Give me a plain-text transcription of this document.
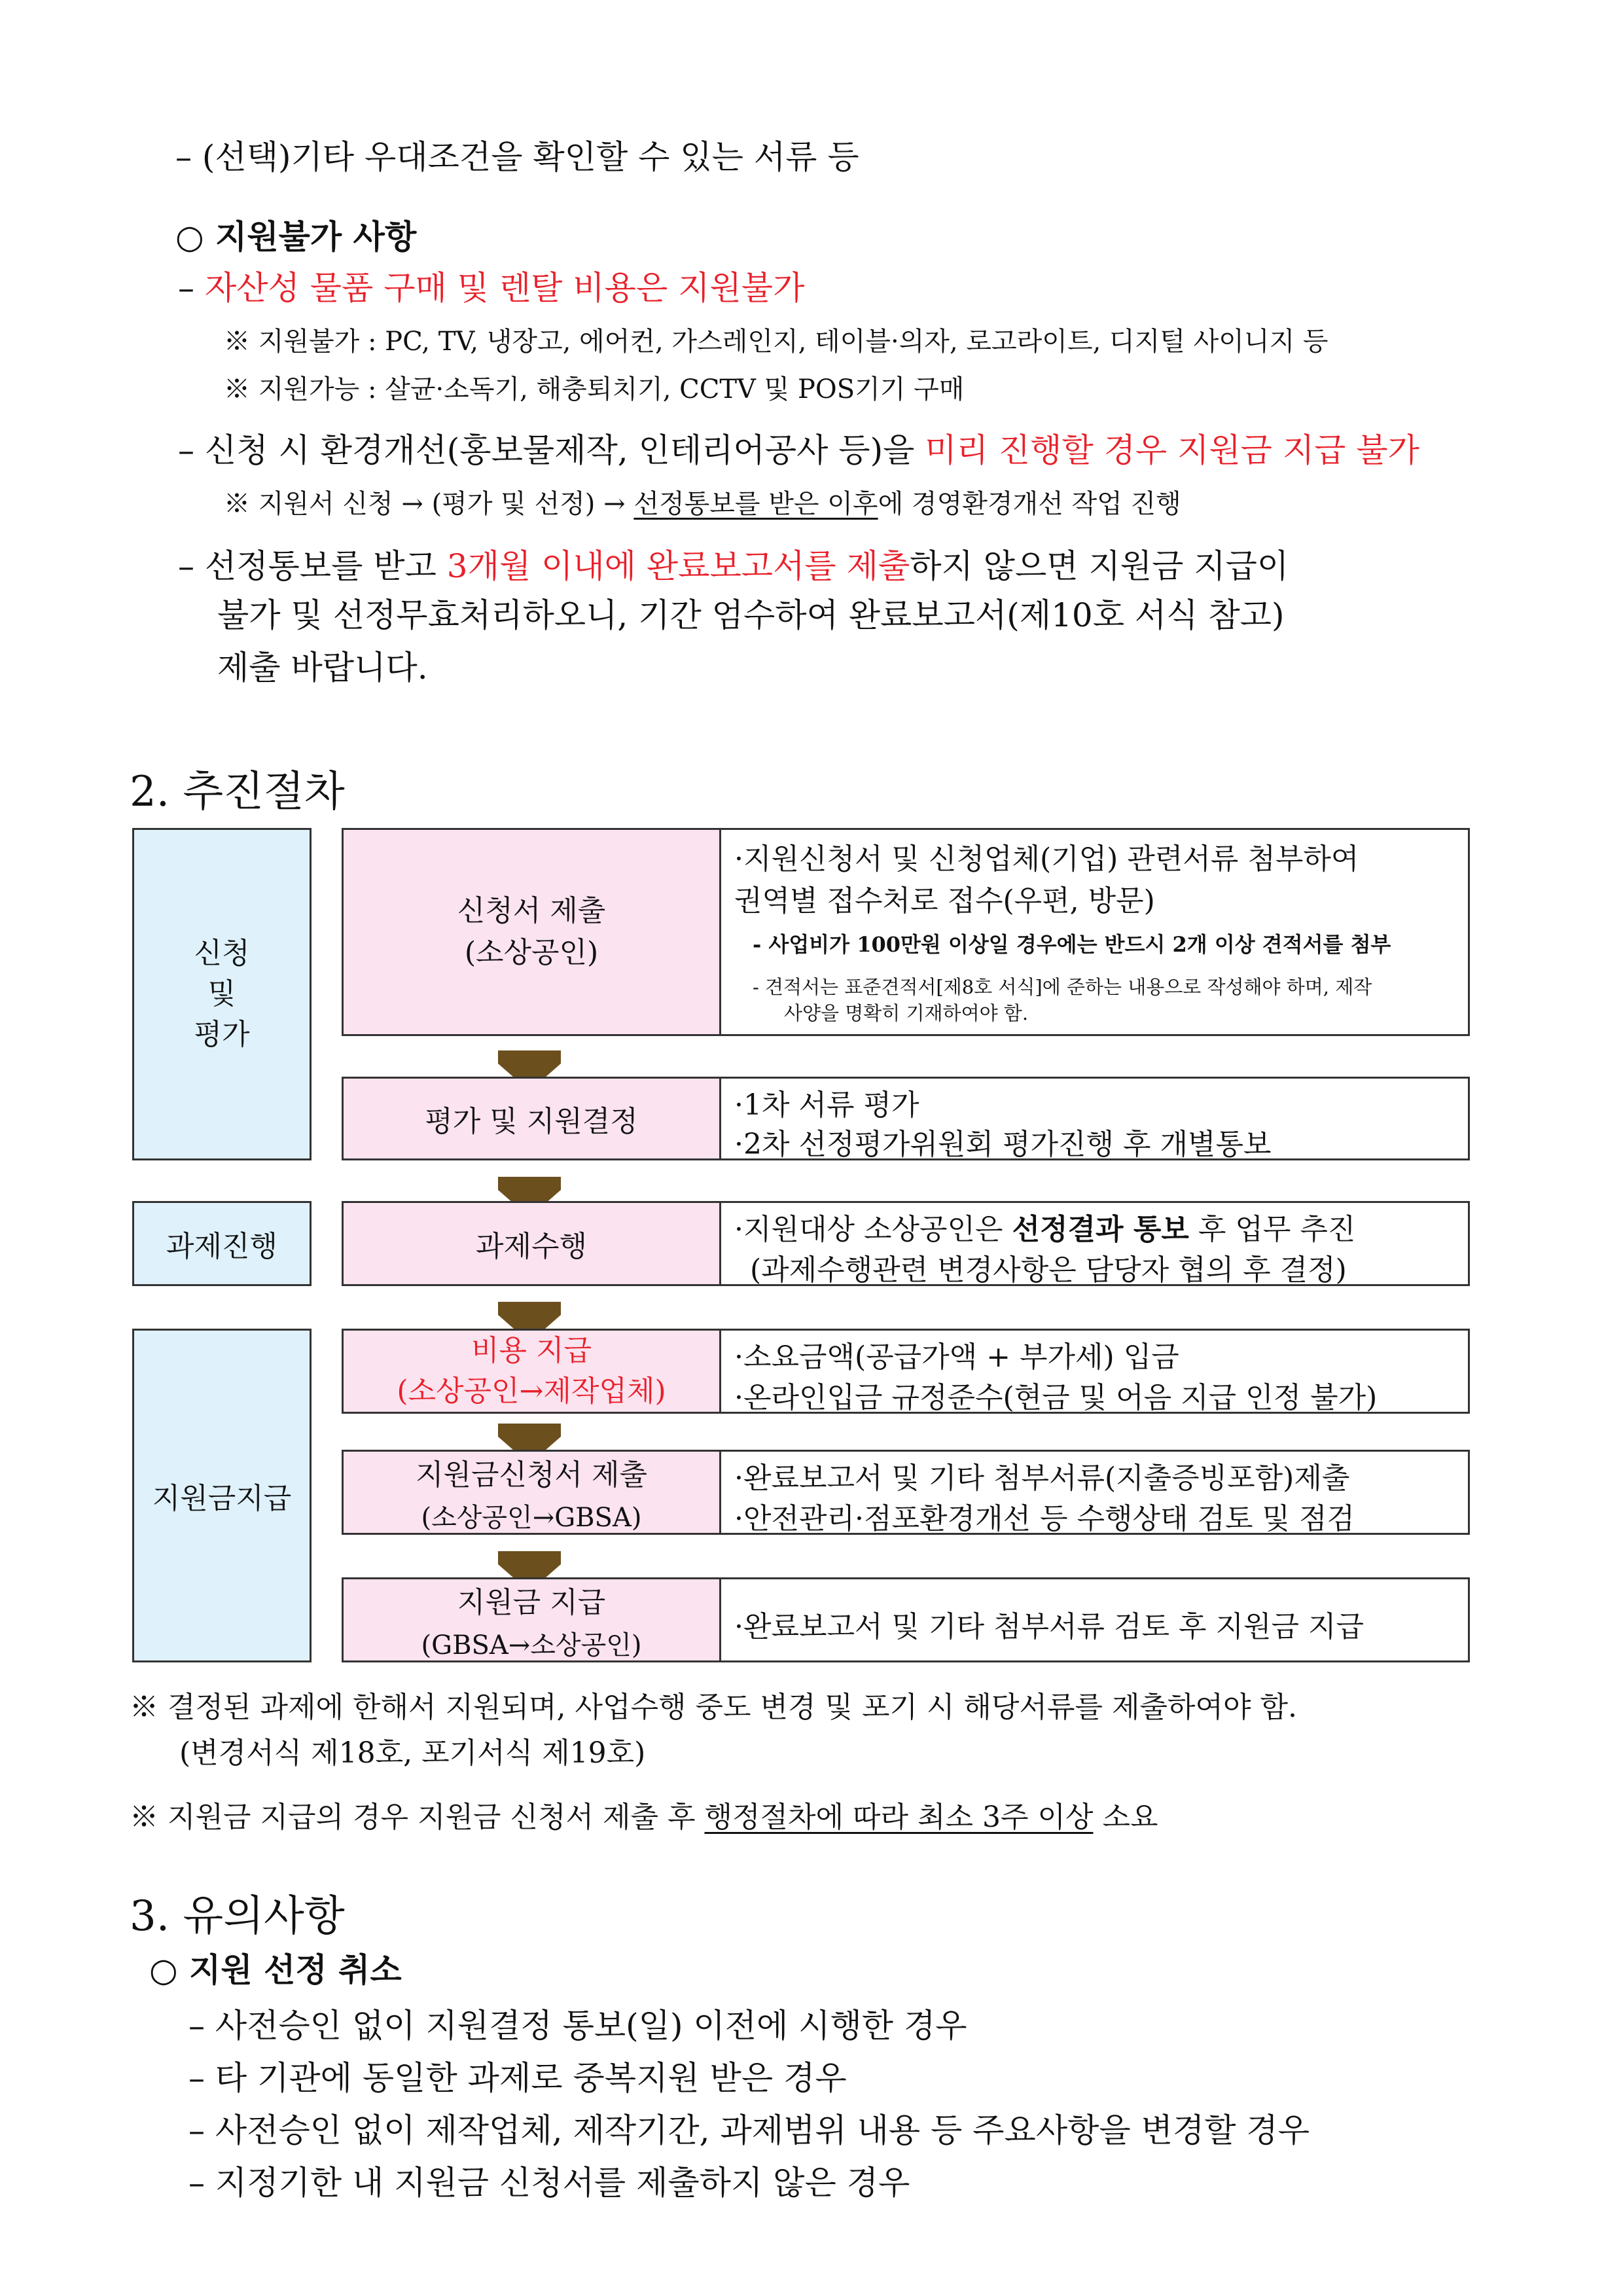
– (선택)기타 우대조건을 확인할 수 있는 서류 등
○ 지원불가 사항
– 자산성 물품 구매 및 렌탈 비용은 지원불가
※ 지원불가 : PC, TV, 냉장고, 에어컨, 가스레인지, 테이블·의자, 로고라이트, 디지털 사이니지 등
※ 지원가능 : 살균·소독기, 해충퇴치기, CCTV 및 POS기기 구매
– 신청 시 환경개선(홍보물제작, 인테리어공사 등)을 미리 진행할 경우 지원금 지급 불가
※ 지원서 신청 → (평가 및 선정) → 선정통보를 받은 이후에 경영환경개선 작업 진행
– 선정통보를 받고 3개월 이내에 완료보고서를 제출하지 않으면 지원금 지급이
불가 및 선정무효처리하오니, 기간 엄수하여 완료보고서(제10호 서식 참고)
제출 바랍니다.
2. 추진절차
신청
및
평가
과제진행
지원금지급
신청서 제출
(소상공인)
·지원신청서 및 신청업체(기업) 관련서류 첨부하여
권역별 접수처로 접수(우편, 방문)
- 사업비가 100만원 이상일 경우에는 반드시 2개 이상 견적서를 첨부
- 견적서는 표준견적서[제8호 서식]에 준하는 내용으로 작성해야 하며, 제작
사양을 명확히 기재하여야 함.
평가 및 지원결정	·1차 서류 평가
·2차 선정평가위원회 평가진행 후 개별통보
과제수행
·지원대상 소상공인은 선정결과 통보 후 업무 추진
(과제수행관련 변경사항은 담당자 협의 후 결정)
비용 지급
(소상공인→제작업체)
·소요금액(공급가액 + 부가세) 입금
·온라인입금 규정준수(현금 및 어음 지급 인정 불가)
지원금신청서 제출
(소상공인→GBSA)
·완료보고서 및 기타 첨부서류(지출증빙포함)제출
·안전관리·점포환경개선 등 수행상태 검토 및 점검
지원금 지급
(GBSA→소상공인)
·완료보고서 및 기타 첨부서류 검토 후 지원금 지급
※ 결정된 과제에 한해서 지원되며, 사업수행 중도 변경 및 포기 시 해당서류를 제출하여야 함.
(변경서식 제18호, 포기서식 제19호)
※ 지원금 지급의 경우 지원금 신청서 제출 후 행정절차에 따라 최소 3주 이상 소요
3. 유의사항
○ 지원 선정 취소
– 사전승인 없이 지원결정 통보(일) 이전에 시행한 경우
– 타 기관에 동일한 과제로 중복지원 받은 경우
– 사전승인 없이 제작업체, 제작기간, 과제범위 내용 등 주요사항을 변경할 경우
– 지정기한 내 지원금 신청서를 제출하지 않은 경우
